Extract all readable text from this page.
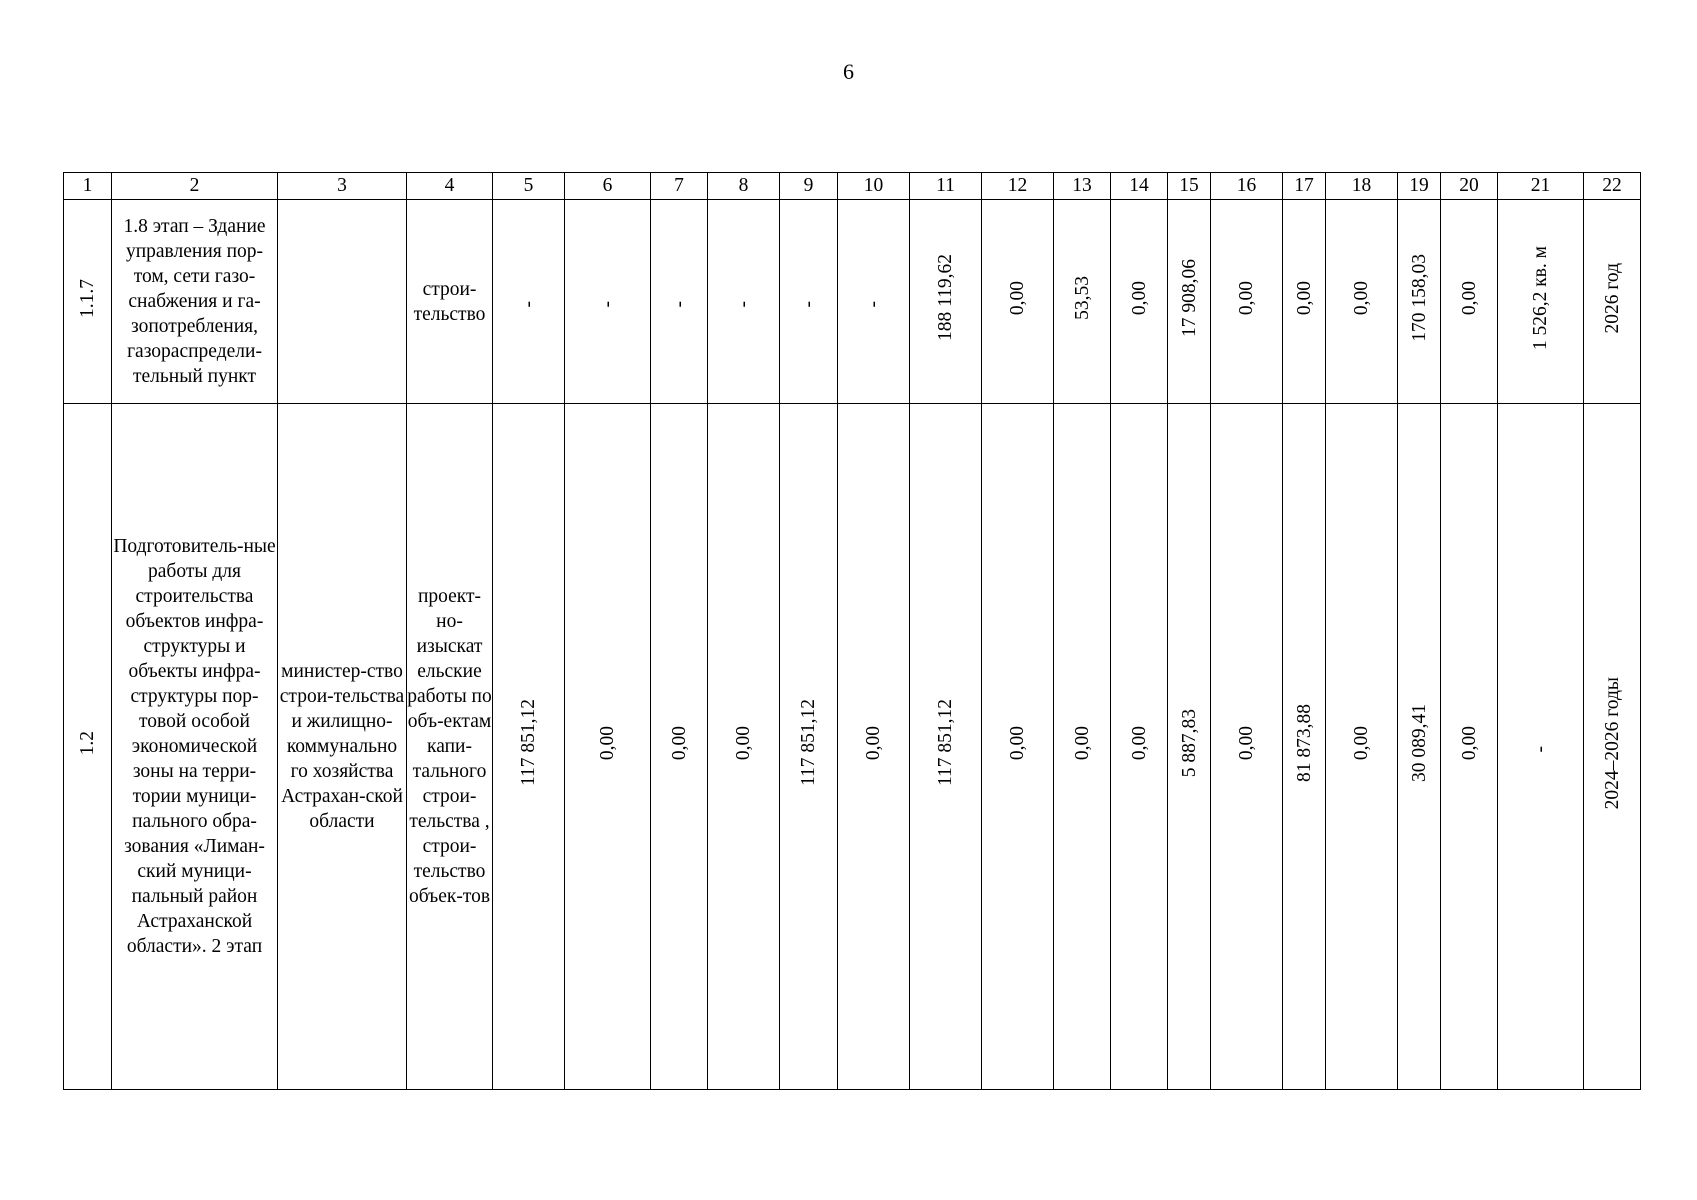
6
1	2	3	4	5	6	7	8	9	10	11	12	13	14	15	16	17	18	19	20	21	22
1.1.7	1.8 этап – Здание управления пор-том, сети газо-снабжения и га-зопотребления, газораспредели-тельный пункт		строи-тельство	-	-	-	-	-	-	188 119,62	0,00	53,53	0,00	17 908,06	0,00	0,00	0,00	170 158,03	0,00	1 526,2 кв. м	2026 год
1.2	Подготовитель-ные работы для строительства объектов инфра-структуры и объекты инфра-структуры пор-товой особой экономической зоны на терри-тории муници-пального обра-зования «Лиман-ский муници-пальный район Астраханской области». 2 этап	министер-ство строи-тельства и жилищно-коммунально го хозяйства Астрахан-ской области	проект-но-изыскат ельские работы по объ-ектам капи-тального строи-тельства , строи-тельство объек-тов	117 851,12	0,00	0,00	0,00	117 851,12	0,00	117 851,12	0,00	0,00	0,00	5 887,83	0,00	81 873,88	0,00	30 089,41	0,00	-	2024–2026 годы
